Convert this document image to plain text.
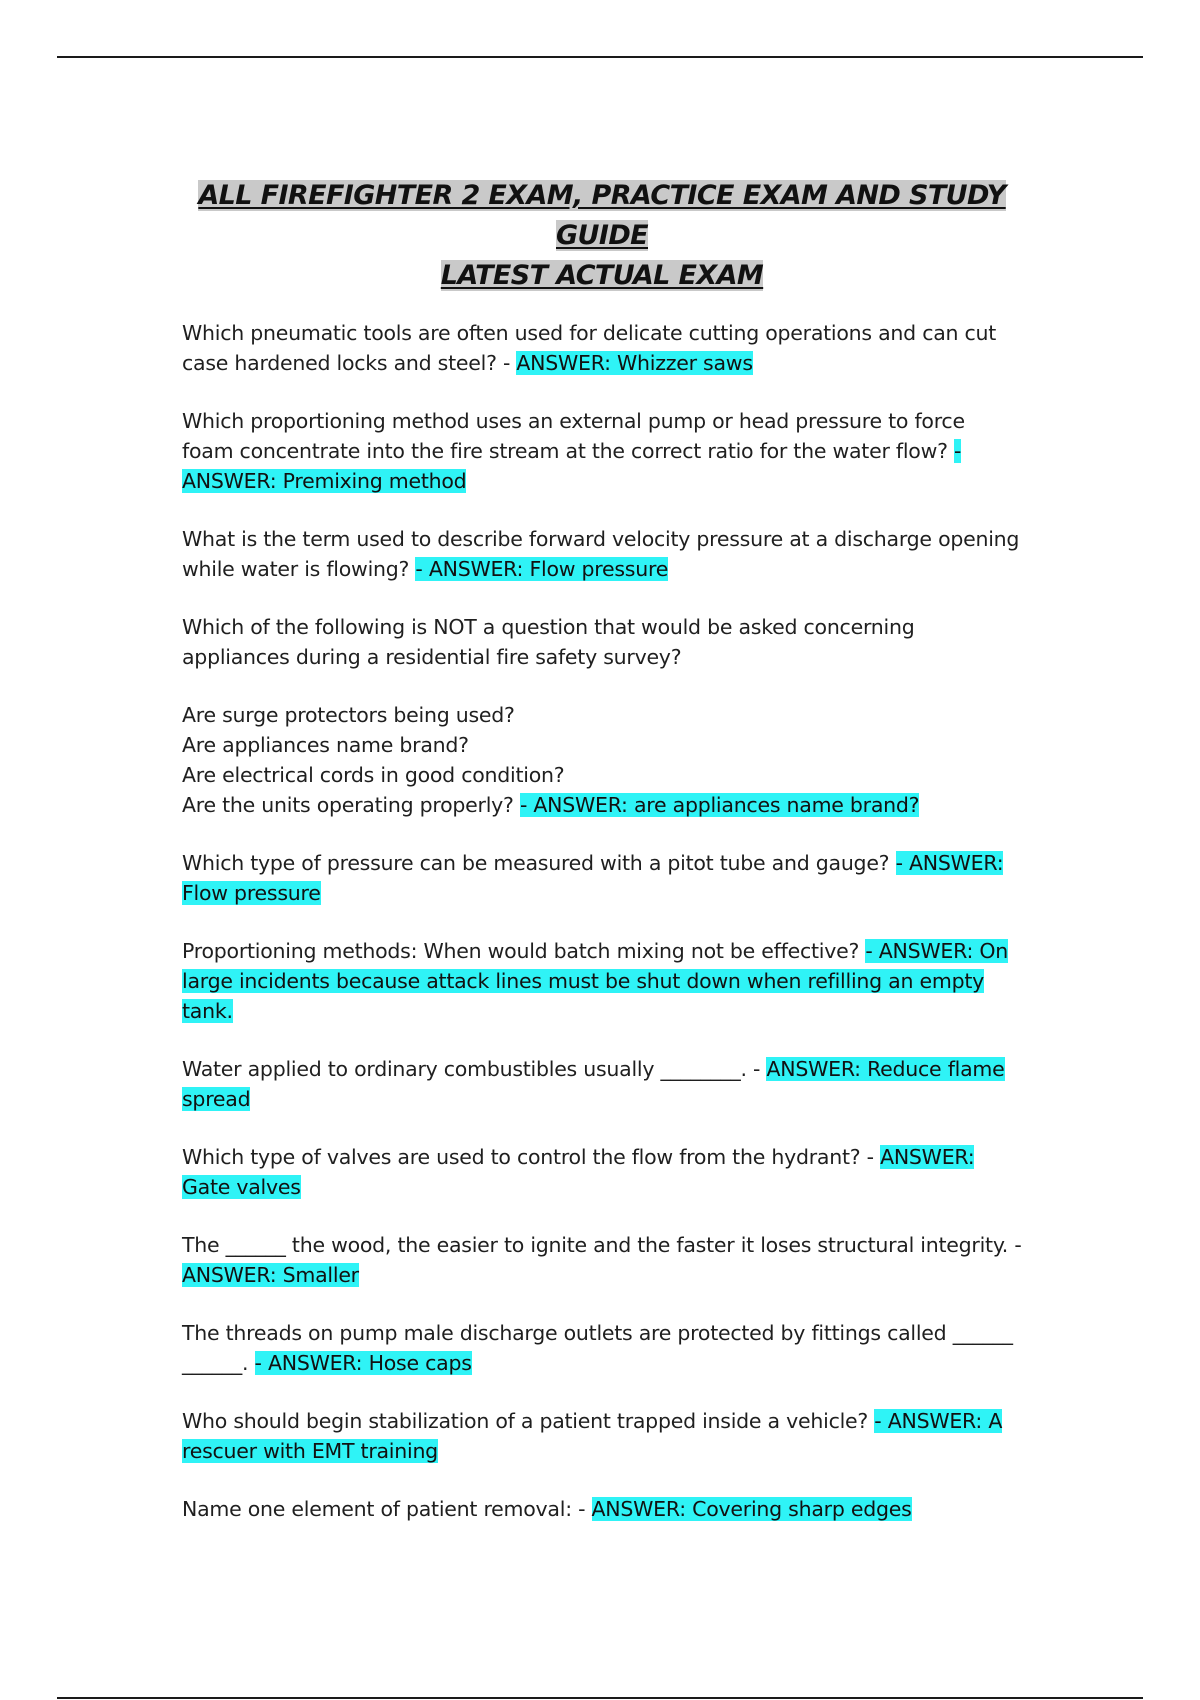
ALL FIREFIGHTER 2 EXAM, PRACTICE EXAM AND STUDY GUIDE
LATEST ACTUAL EXAM
Which pneumatic tools are often used for delicate cutting operations and can cut case hardened locks and steel? - ANSWER: Whizzer saws
Which proportioning method uses an external pump or head pressure to force foam concentrate into the fire stream at the correct ratio for the water flow? - ANSWER: Premixing method
What is the term used to describe forward velocity pressure at a discharge opening while water is flowing? - ANSWER: Flow pressure
Which of the following is NOT a question that would be asked concerning appliances during a residential fire safety survey?
Are surge protectors being used?
Are appliances name brand?
Are electrical cords in good condition?
Are the units operating properly? - ANSWER: are appliances name brand?
Which type of pressure can be measured with a pitot tube and gauge? - ANSWER: Flow pressure
Proportioning methods: When would batch mixing not be effective? - ANSWER: On large incidents because attack lines must be shut down when refilling an empty tank.
Water applied to ordinary combustibles usually ________. - ANSWER: Reduce flame spread
Which type of valves are used to control the flow from the hydrant? - ANSWER: Gate valves
The ______ the wood, the easier to ignite and the faster it loses structural integrity. - ANSWER: Smaller
The threads on pump male discharge outlets are protected by fittings called ______ ______. - ANSWER: Hose caps
Who should begin stabilization of a patient trapped inside a vehicle? - ANSWER: A rescuer with EMT training
Name one element of patient removal: - ANSWER: Covering sharp edges
